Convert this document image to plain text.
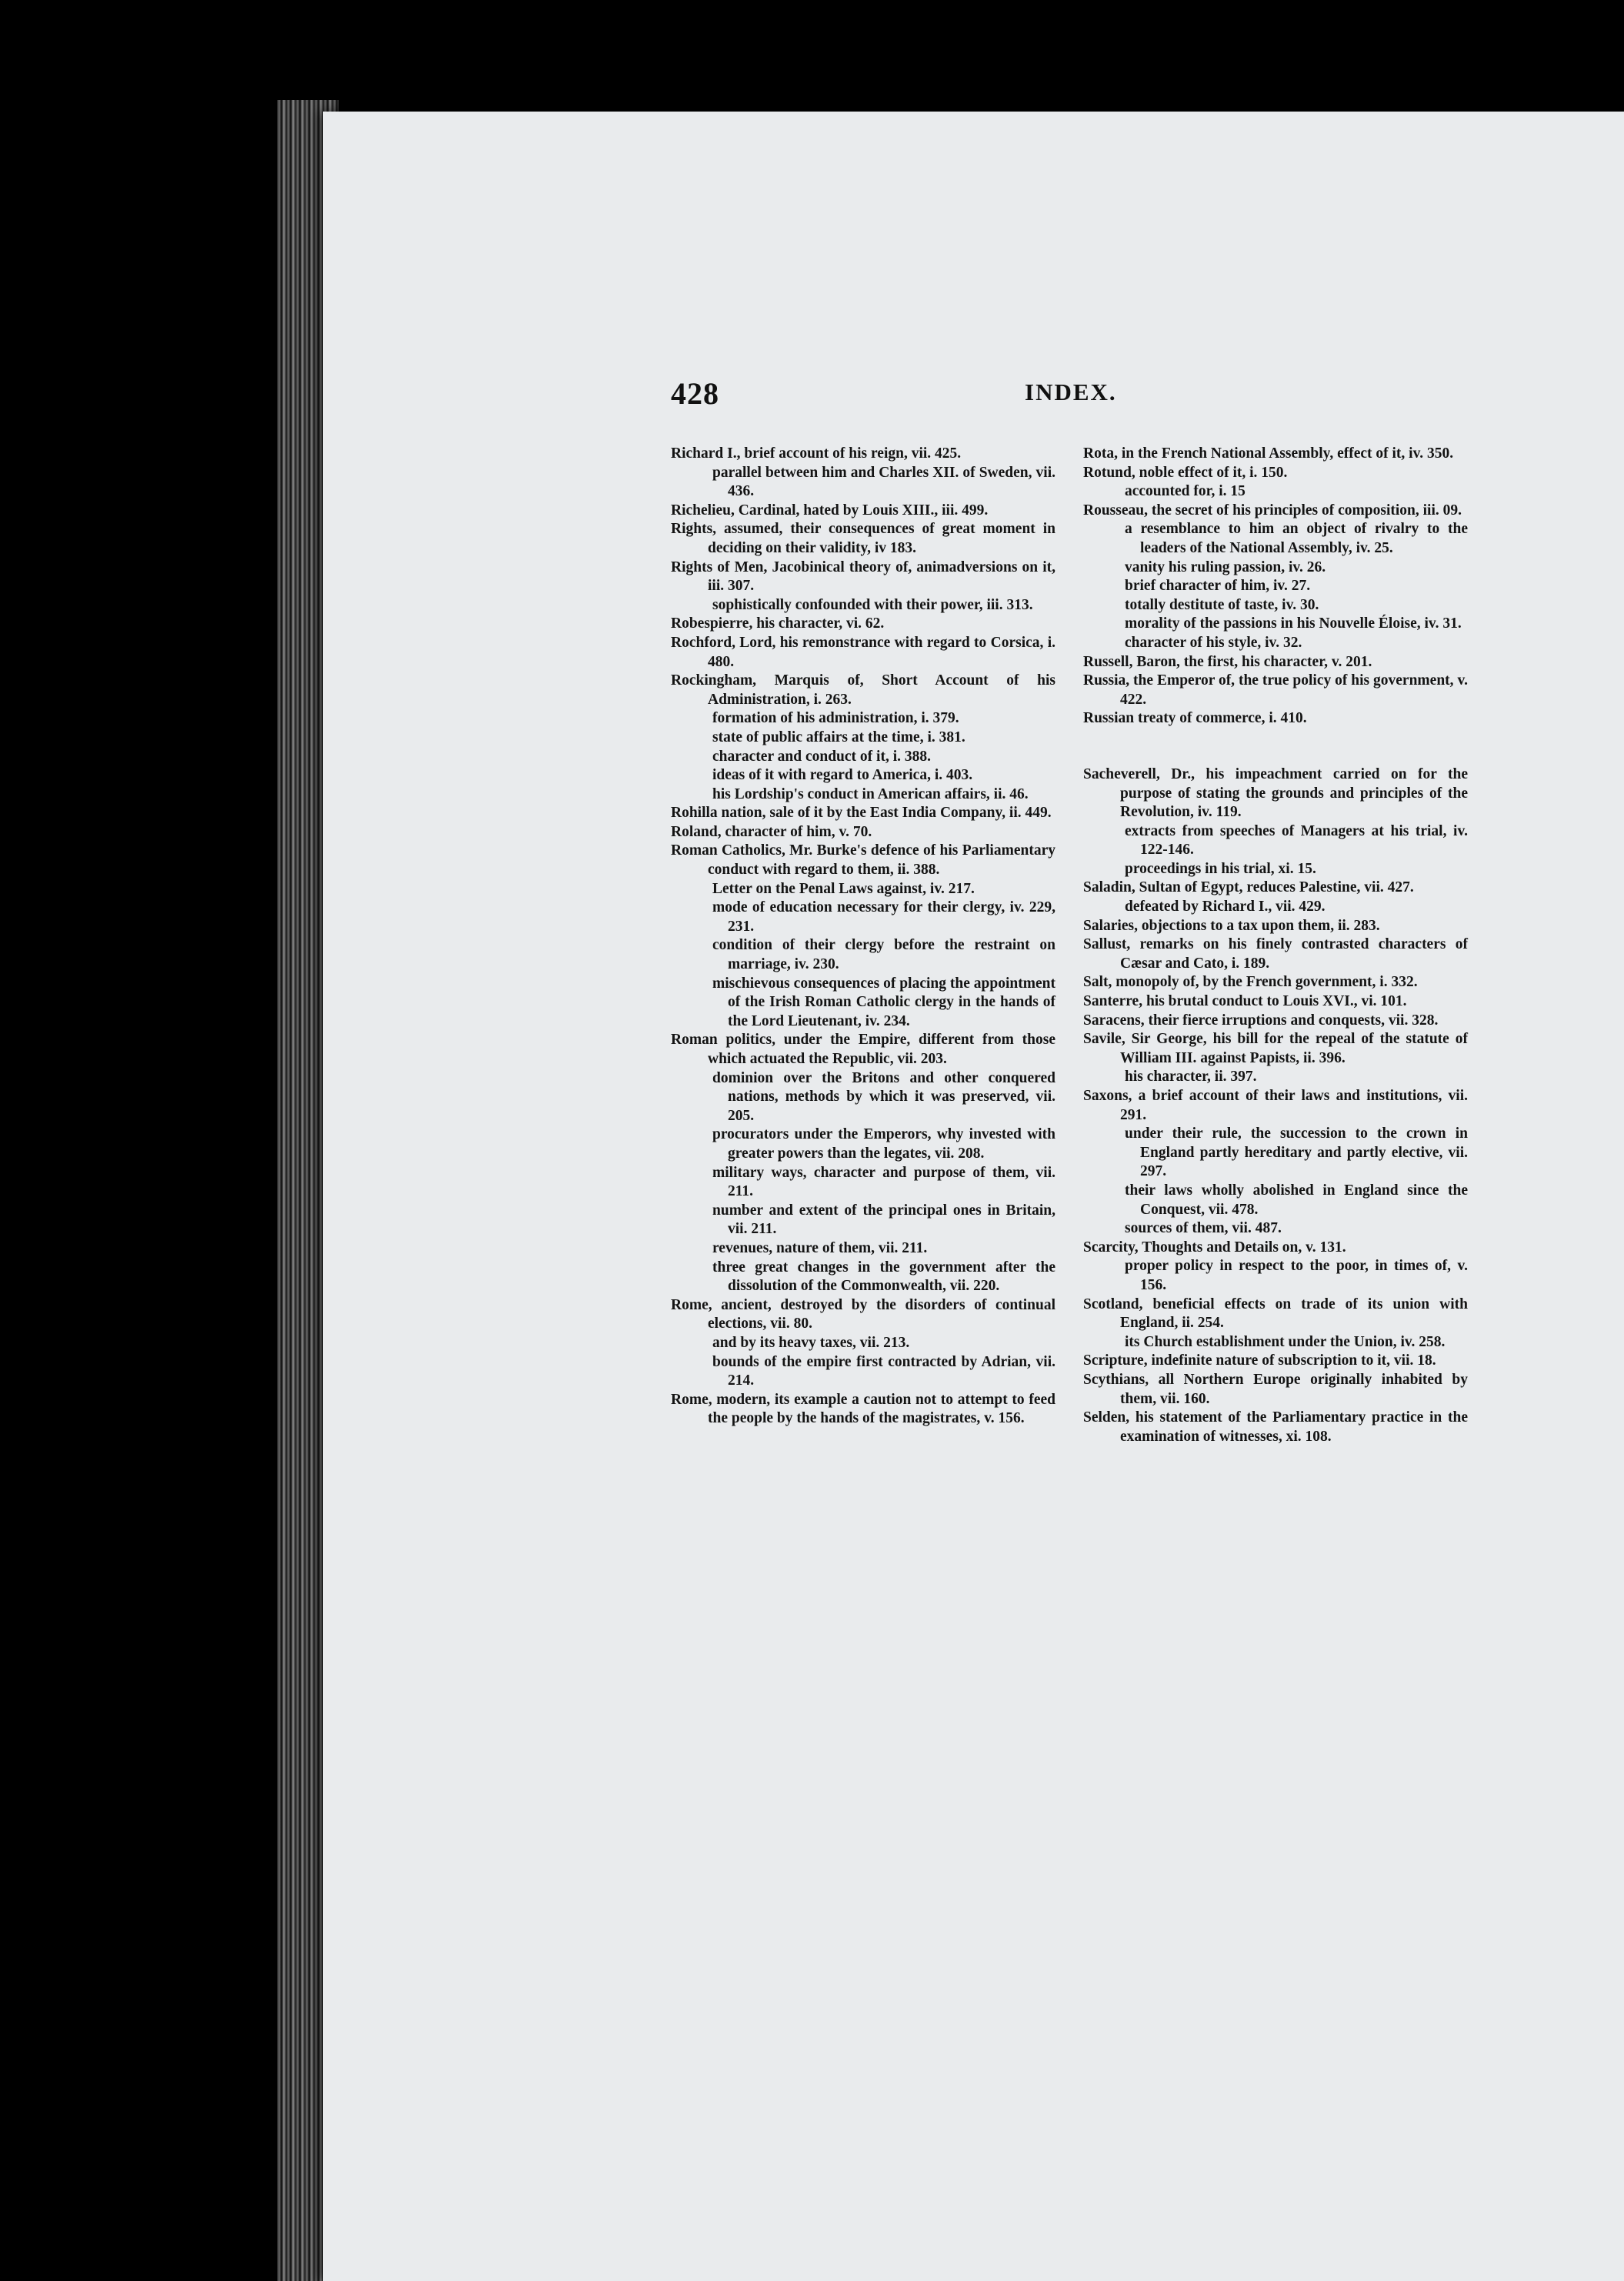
428	INDEX.
Richard I., brief account of his reign, vii. 425.
parallel between him and Charles XII. of Sweden, vii. 436.
Richelieu, Cardinal, hated by Louis XIII., iii. 499.
Rights, assumed, their consequences of great moment in deciding on their validity, iv 183.
Rights of Men, Jacobinical theory of, animadversions on it, iii. 307.
sophistically confounded with their power, iii. 313.
Robespierre, his character, vi. 62.
Rochford, Lord, his remonstrance with regard to Corsica, i. 480.
Rockingham, Marquis of, Short Account of his Administration, i. 263.
formation of his administration, i. 379.
state of public affairs at the time, i. 381.
character and conduct of it, i. 388.
ideas of it with regard to America, i. 403.
his Lordship's conduct in American affairs, ii. 46.
Rohilla nation, sale of it by the East India Company, ii. 449.
Roland, character of him, v. 70.
Roman Catholics, Mr. Burke's defence of his Parliamentary conduct with regard to them, ii. 388.
Letter on the Penal Laws against, iv. 217.
mode of education necessary for their clergy, iv. 229, 231.
condition of their clergy before the restraint on marriage, iv. 230.
mischievous consequences of placing the appointment of the Irish Roman Catholic clergy in the hands of the Lord Lieutenant, iv. 234.
Roman politics, under the Empire, different from those which actuated the Republic, vii. 203.
dominion over the Britons and other conquered nations, methods by which it was preserved, vii. 205.
procurators under the Emperors, why invested with greater powers than the legates, vii. 208.
military ways, character and purpose of them, vii. 211.
number and extent of the principal ones in Britain, vii. 211.
revenues, nature of them, vii. 211.
three great changes in the government after the dissolution of the Commonwealth, vii. 220.
Rome, ancient, destroyed by the disorders of continual elections, vii. 80.
and by its heavy taxes, vii. 213.
bounds of the empire first contracted by Adrian, vii. 214.
Rome, modern, its example a caution not to attempt to feed the people by the hands of the magistrates, v. 156.
Rota, in the French National Assembly, effect of it, iv. 350.
Rotund, noble effect of it, i. 150.
accounted for, i. 15
Rousseau, the secret of his principles of composition, iii. 09.
a resemblance to him an object of rivalry to the leaders of the National Assembly, iv. 25.
vanity his ruling passion, iv. 26.
brief character of him, iv. 27.
totally destitute of taste, iv. 30.
morality of the passions in his Nouvelle Éloise, iv. 31.
character of his style, iv. 32.
Russell, Baron, the first, his character, v. 201.
Russia, the Emperor of, the true policy of his government, v. 422.
Russian treaty of commerce, i. 410.
Sacheverell, Dr., his impeachment carried on for the purpose of stating the grounds and principles of the Revolution, iv. 119.
extracts from speeches of Managers at his trial, iv. 122-146.
proceedings in his trial, xi. 15.
Saladin, Sultan of Egypt, reduces Palestine, vii. 427.
defeated by Richard I., vii. 429.
Salaries, objections to a tax upon them, ii. 283.
Sallust, remarks on his finely contrasted characters of Cæsar and Cato, i. 189.
Salt, monopoly of, by the French government, i. 332.
Santerre, his brutal conduct to Louis XVI., vi. 101.
Saracens, their fierce irruptions and conquests, vii. 328.
Savile, Sir George, his bill for the repeal of the statute of William III. against Papists, ii. 396.
his character, ii. 397.
Saxons, a brief account of their laws and institutions, vii. 291.
under their rule, the succession to the crown in England partly hereditary and partly elective, vii. 297.
their laws wholly abolished in England since the Conquest, vii. 478.
sources of them, vii. 487.
Scarcity, Thoughts and Details on, v. 131.
proper policy in respect to the poor, in times of, v. 156.
Scotland, beneficial effects on trade of its union with England, ii. 254.
its Church establishment under the Union, iv. 258.
Scripture, indefinite nature of subscription to it, vii. 18.
Scythians, all Northern Europe originally inhabited by them, vii. 160.
Selden, his statement of the Parliamentary practice in the examination of witnesses, xi. 108.
